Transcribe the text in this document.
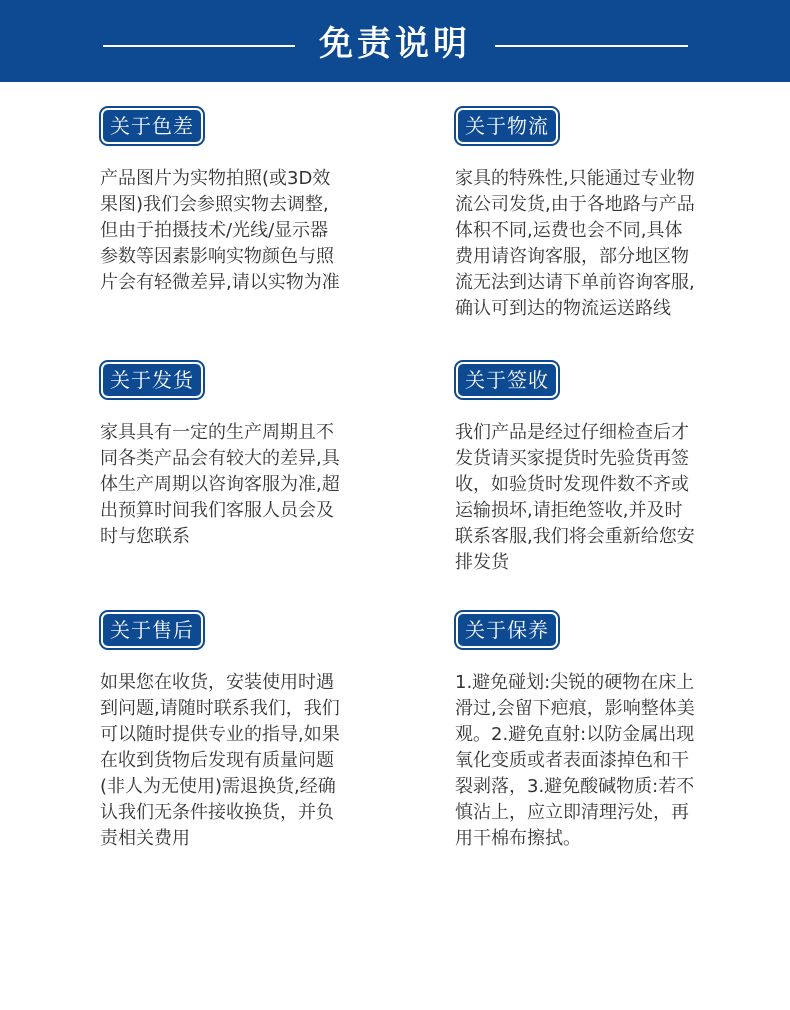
免责说明
关于色差
产品图片为实物拍照(或3D效果图)我们会参照实物去调整,但由于拍摄技术/光线/显示器参数等因素影响实物颜色与照片会有轻微差异,请以实物为准
关于物流
家具的特殊性,只能通过专业物流公司发货,由于各地路与产品体积不同,运费也会不同,具体费用请咨询客服，部分地区物流无法到达请下单前咨询客服,确认可到达的物流运送路线
关于发货
家具具有一定的生产周期且不同各类产品会有较大的差异,具体生产周期以咨询客服为准,超出预算时间我们客服人员会及时与您联系
关于签收
我们产品是经过仔细检查后才发货请买家提货时先验货再签收，如验货时发现件数不齐或运输损坏,请拒绝签收,并及时联系客服,我们将会重新给您安排发货
关于售后
如果您在收货，安装使用时遇到问题,请随时联系我们，我们可以随时提供专业的指导,如果在收到货物后发现有质量问题(非人为无使用)需退换货,经确认我们无条件接收换货，并负责相关费用
关于保养
1.避免碰划:尖锐的硬物在床上滑过,会留下疤痕，影响整体美观。2.避免直射:以防金属出现氧化变质或者表面漆掉色和干裂剥落，3.避免酸碱物质:若不慎沾上，应立即清理污处，再用干棉布擦拭。
